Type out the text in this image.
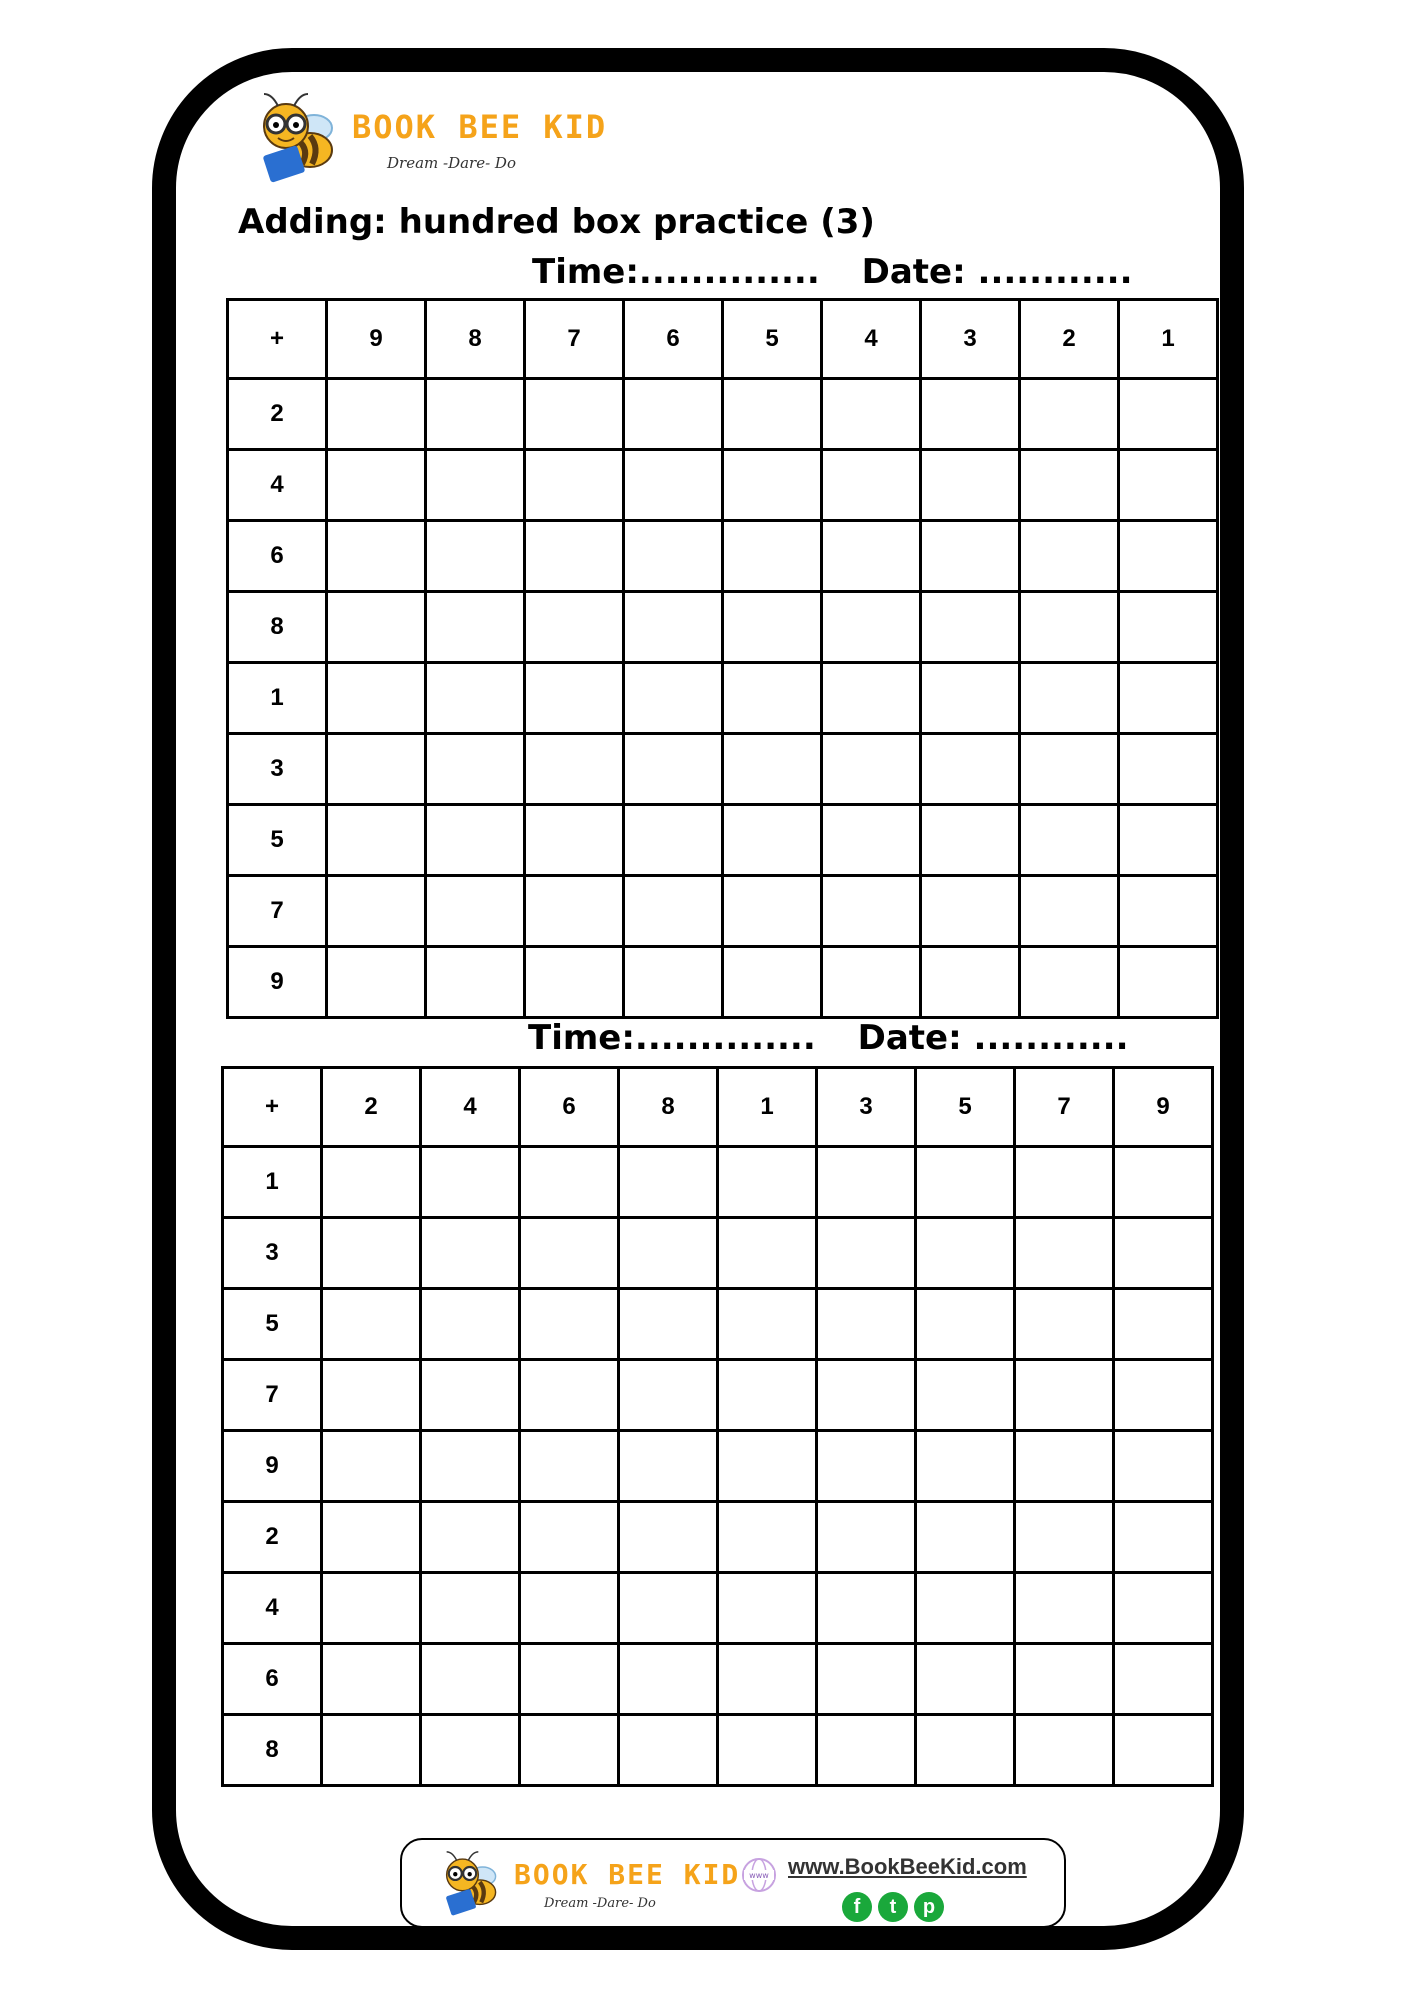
BOOK BEE KID
Dream -Dare- Do
Adding: hundred box practice (3)
Time:.............. Date: ............
+	9	8	7	6	5	4	3	2	1
2									
4									
6									
8									
1									
3									
5									
7									
9									
Time:.............. Date: ............
+	2	4	6	8	1	3	5	7	9
1									
3									
5									
7									
9									
2									
4									
6									
8									
BOOK BEE KID
Dream -Dare- Do
www www.BookBeeKid.com
f	t	p
